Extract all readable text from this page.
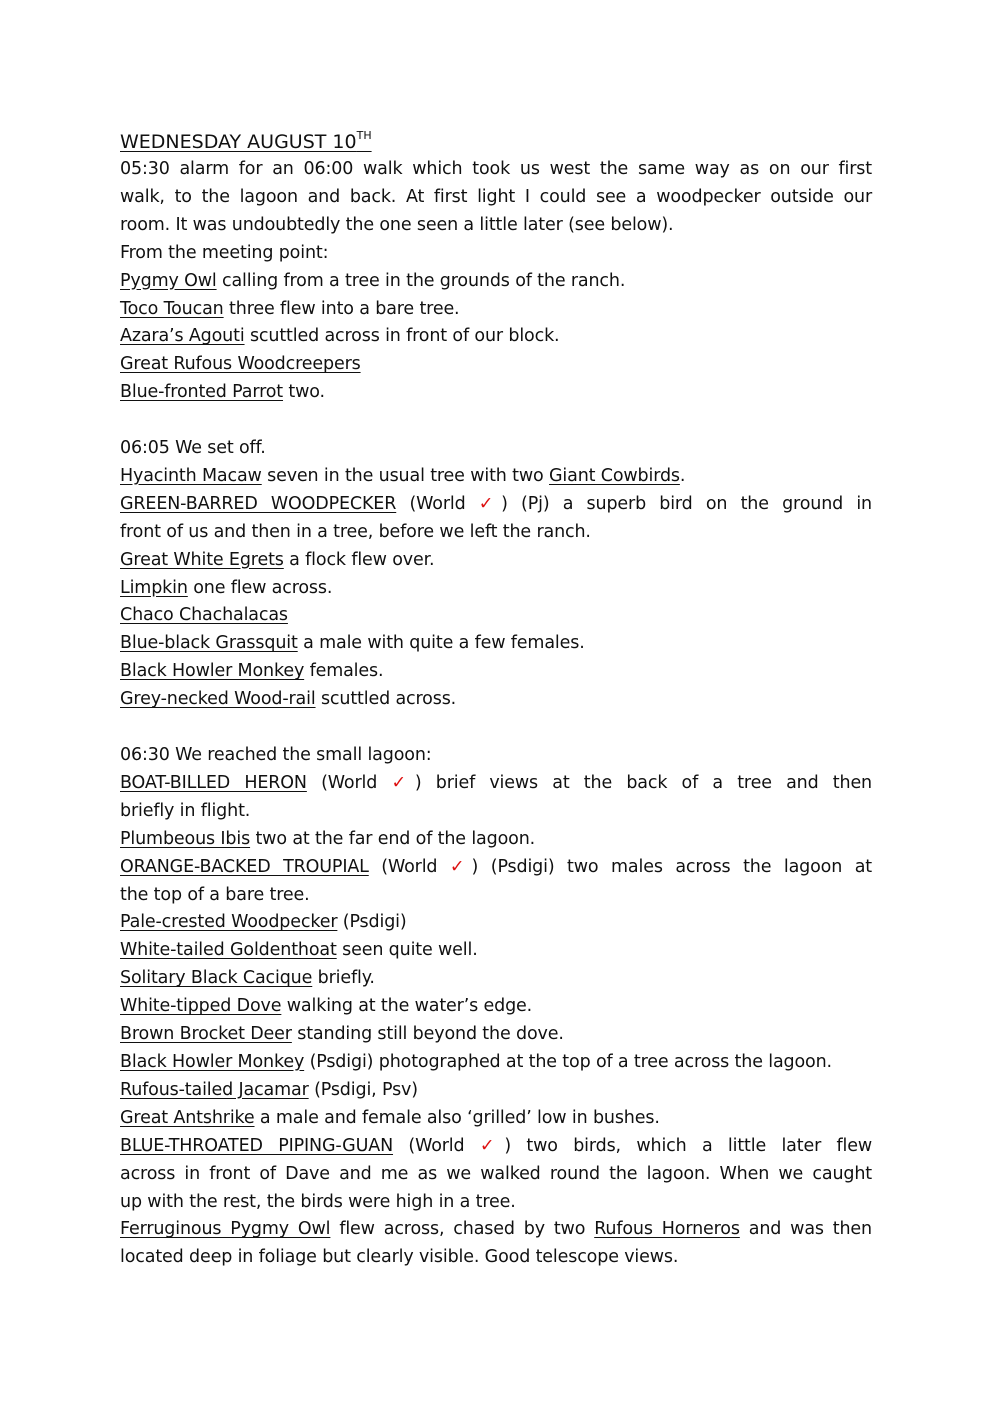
WEDNESDAY AUGUST 10TH
05:30 alarm for an 06:00 walk which took us west the same way as on our first
walk, to the lagoon and back. At first light I could see a woodpecker outside our
room. It was undoubtedly the one seen a little later (see below).
From the meeting point:
Pygmy Owl calling from a tree in the grounds of the ranch.
Toco Toucan three flew into a bare tree.
Azara’s Agouti scuttled across in front of our block.
Great Rufous Woodcreepers
Blue-fronted Parrot two.
06:05 We set off.
Hyacinth Macaw seven in the usual tree with two Giant Cowbirds.
GREEN-BARRED WOODPECKER (World ✓) (Pj) a superb bird on the ground in
front of us and then in a tree, before we left the ranch.
Great White Egrets a flock flew over.
Limpkin one flew across.
Chaco Chachalacas
Blue-black Grassquit a male with quite a few females.
Black Howler Monkey females.
Grey-necked Wood-rail scuttled across.
06:30 We reached the small lagoon:
BOAT-BILLED HERON (World ✓) brief views at the back of a tree and then
briefly in flight.
Plumbeous Ibis two at the far end of the lagoon.
ORANGE-BACKED TROUPIAL (World ✓) (Psdigi) two males across the lagoon at
the top of a bare tree.
Pale-crested Woodpecker (Psdigi)
White-tailed Goldenthoat seen quite well.
Solitary Black Cacique briefly.
White-tipped Dove walking at the water’s edge.
Brown Brocket Deer standing still beyond the dove.
Black Howler Monkey (Psdigi) photographed at the top of a tree across the lagoon.
Rufous-tailed Jacamar (Psdigi, Psv)
Great Antshrike a male and female also ‘grilled’ low in bushes.
BLUE-THROATED PIPING-GUAN (World ✓) two birds, which a little later flew
across in front of Dave and me as we walked round the lagoon. When we caught
up with the rest, the birds were high in a tree.
Ferruginous Pygmy Owl flew across, chased by two Rufous Horneros and was then
located deep in foliage but clearly visible. Good telescope views.
